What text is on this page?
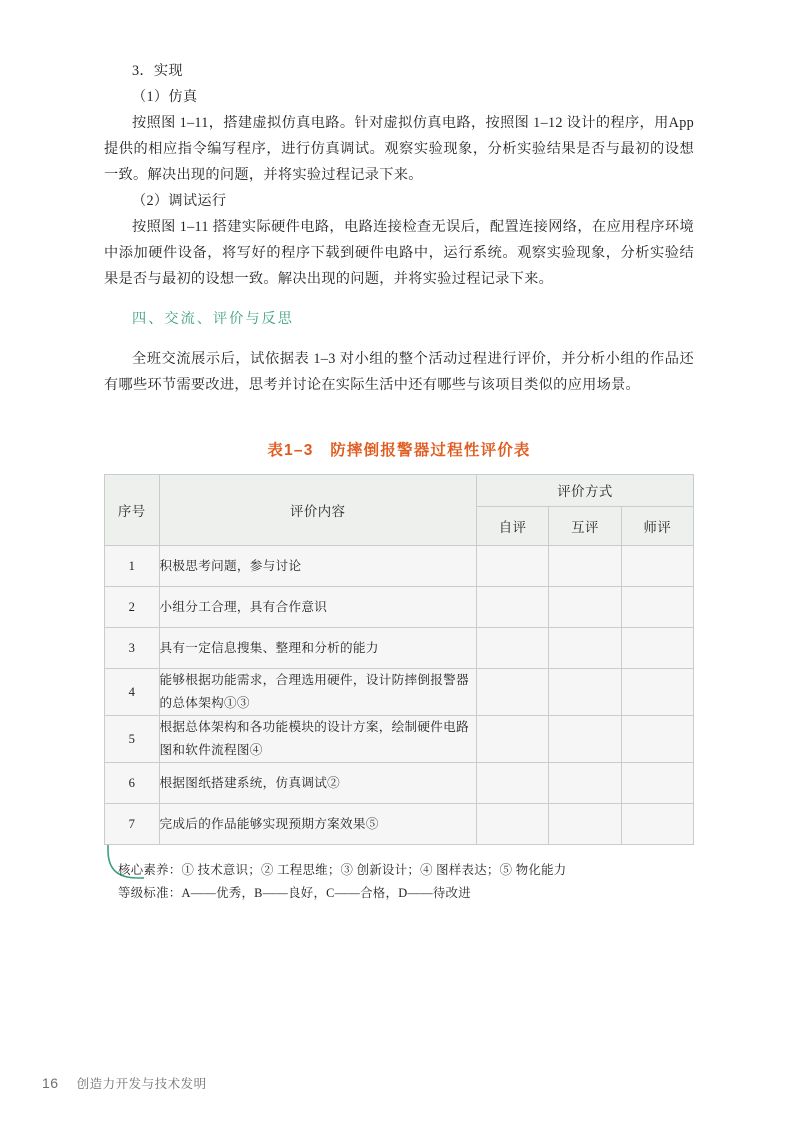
3．实现

（1）仿真

按照图 1–11，搭建虚拟仿真电路。针对虚拟仿真电路，按照图 1–12 设计的程序，用App 提供的相应指令编写程序，进行仿真调试。观察实验现象，分析实验结果是否与最初的设想一致。解决出现的问题，并将实验过程记录下来。

（2）调试运行

按照图 1–11 搭建实际硬件电路，电路连接检查无误后，配置连接网络，在应用程序环境中添加硬件设备，将写好的程序下载到硬件电路中，运行系统。观察实验现象，分析实验结果是否与最初的设想一致。解决出现的问题，并将实验过程记录下来。

四、交流、评价与反思

全班交流展示后，试依据表 1–3 对小组的整个活动过程进行评价，并分析小组的作品还有哪些环节需要改进，思考并讨论在实际生活中还有哪些与该项目类似的应用场景。

表1–3　防摔倒报警器过程性评价表
序号	评价内容	评价方式		
		自评	互评	师评
1	积极思考问题，参与讨论			
2	小组分工合理，具有合作意识			
3	具有一定信息搜集、整理和分析的能力			
4	能够根据功能需求，合理选用硬件，设计防摔倒报警器的总体架构①③			
5	根据总体架构和各功能模块的设计方案，绘制硬件电路图和软件流程图④			
6	根据图纸搭建系统，仿真调试②			
7	完成后的作品能够实现预期方案效果⑤			
核心素养：① 技术意识；② 工程思维；③ 创新设计；④ 图样表达；⑤ 物化能力
等级标准：A——优秀，B——良好，C——合格，D——待改进
16 创造力开发与技术发明
